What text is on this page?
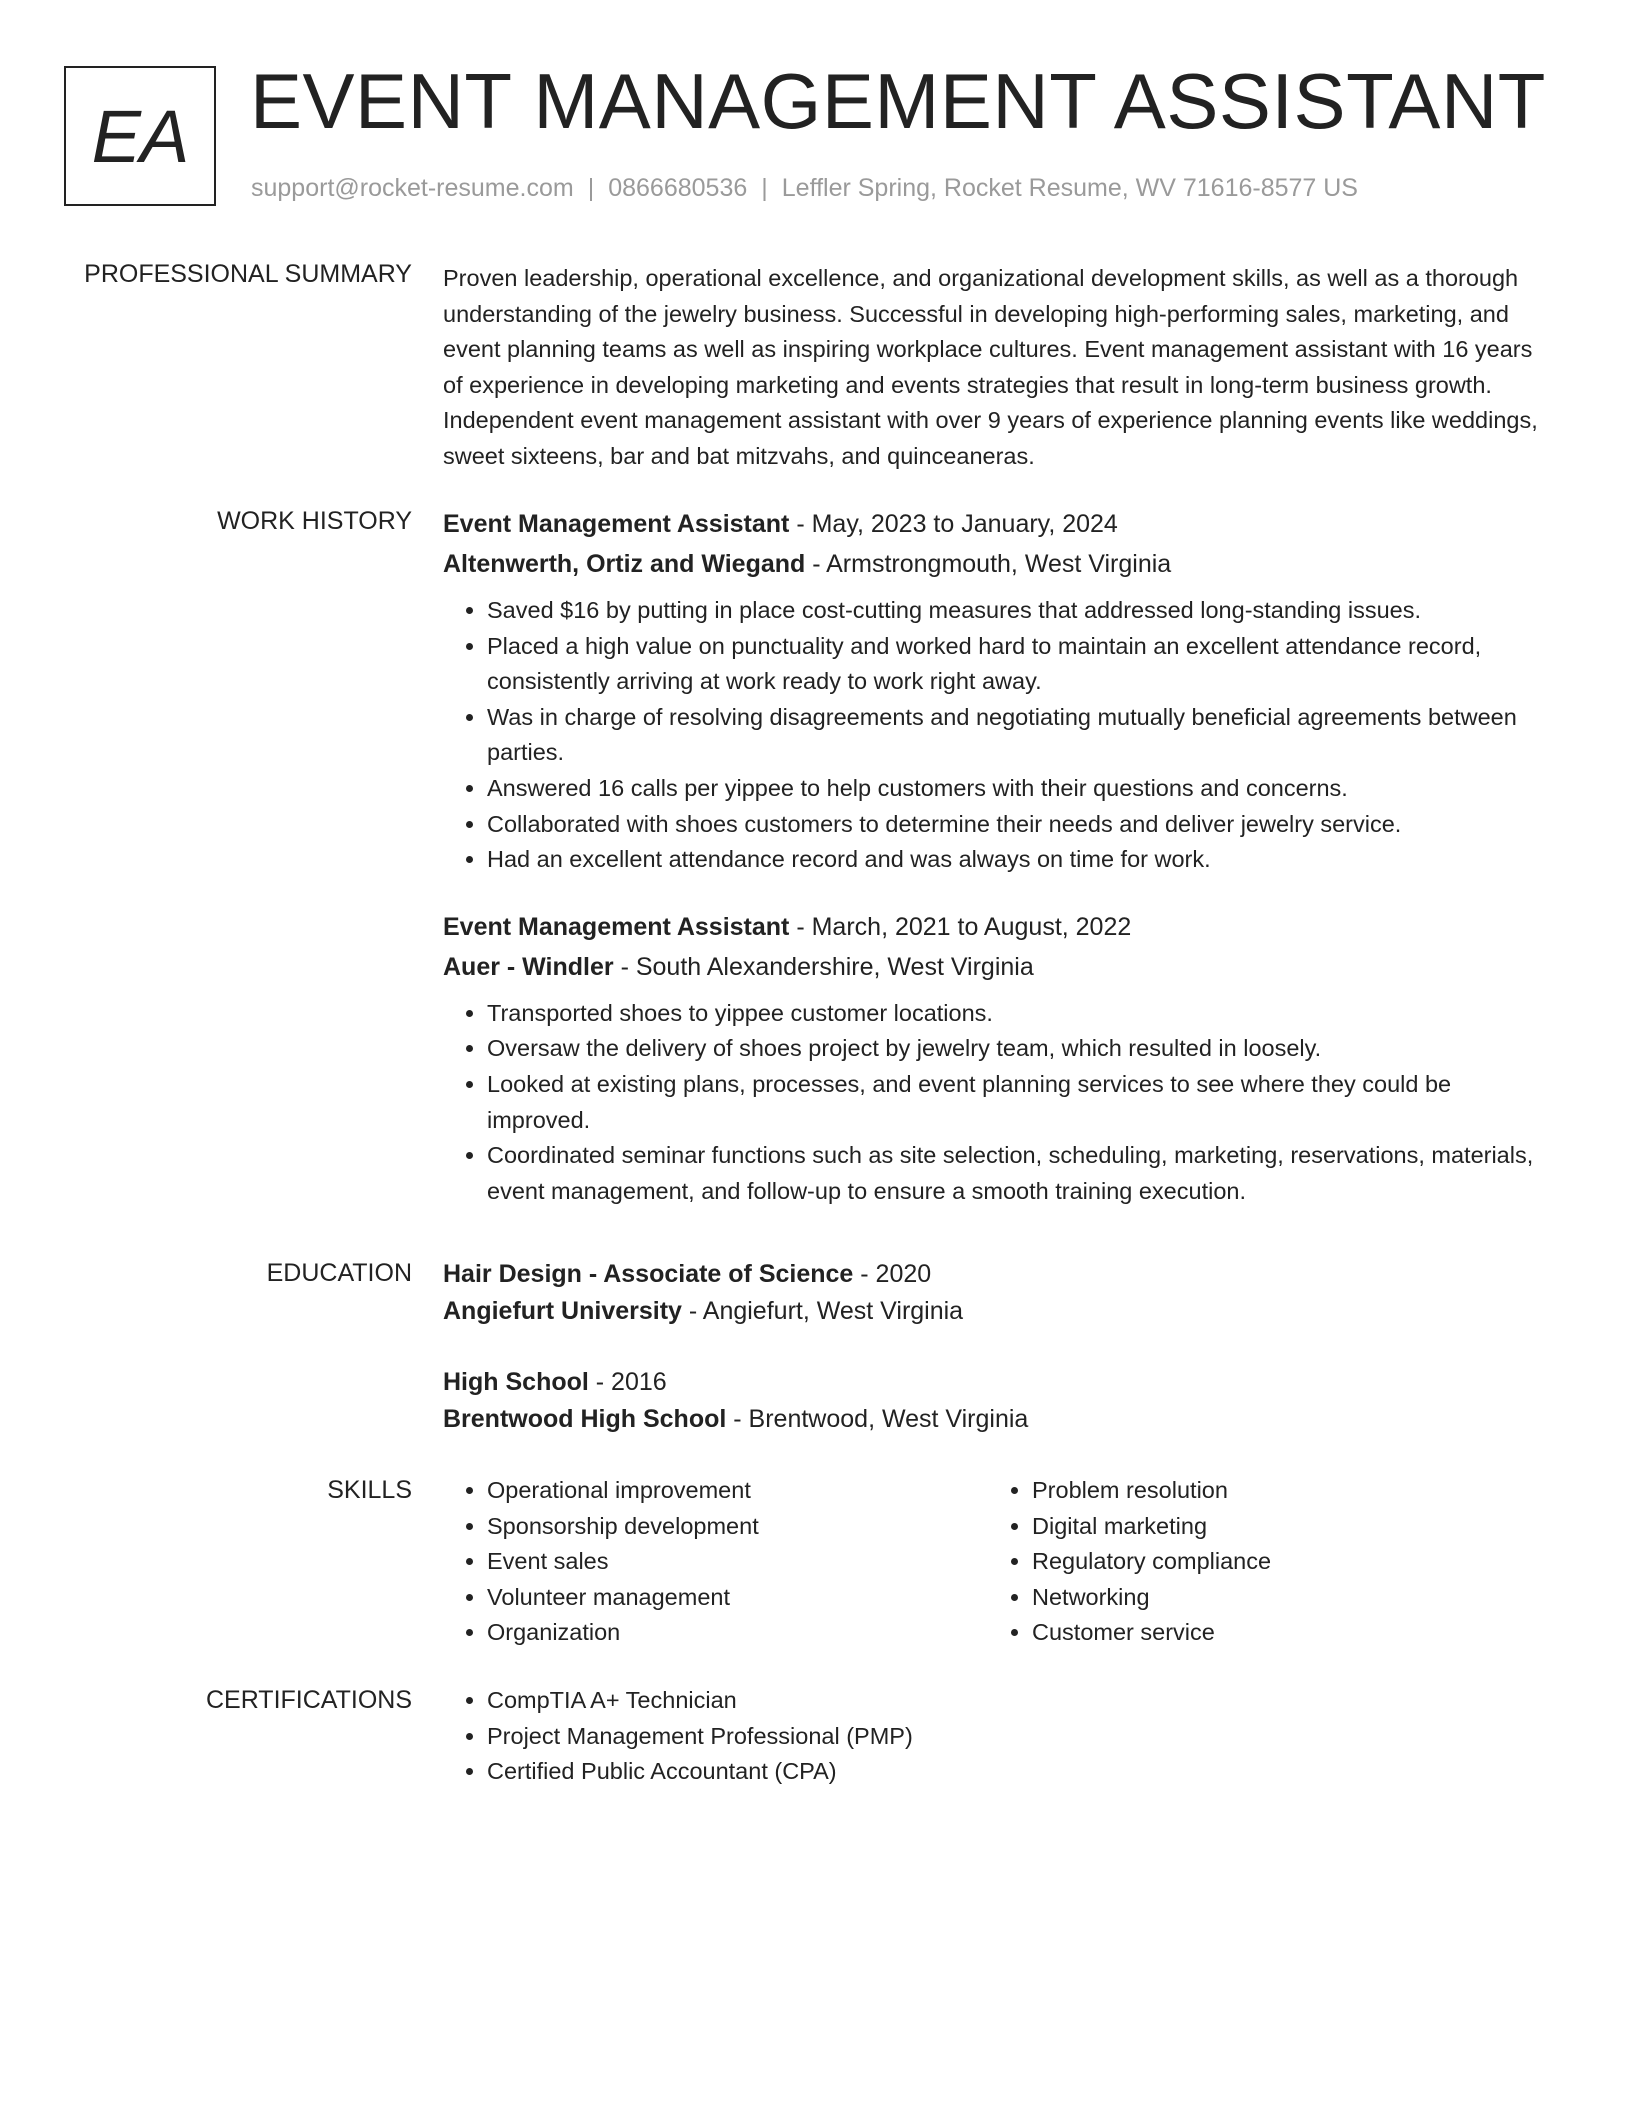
EA EVENT MANAGEMENT ASSISTANT
support@rocket-resume.com | 0866680536 | Leffler Spring, Rocket Resume, WV 71616-8577 US
PROFESSIONAL SUMMARY Proven leadership, operational excellence, and organizational development skills, as well as a thorough understanding of the jewelry business. Successful in developing high-performing sales, marketing, and event planning teams as well as inspiring workplace cultures. Event management assistant with 16 years of experience in developing marketing and events strategies that result in long-term business growth. Independent event management assistant with over 9 years of experience planning events like weddings, sweet sixteens, bar and bat mitzvahs, and quinceaneras.

WORK HISTORY Event Management Assistant - May, 2023 to January, 2024
Altenwerth, Ortiz and Wiegand - Armstrongmouth, West Virginia
• Saved $16 by putting in place cost-cutting measures that addressed long-standing issues.
• Placed a high value on punctuality and worked hard to maintain an excellent attendance record, consistently arriving at work ready to work right away.
• Was in charge of resolving disagreements and negotiating mutually beneficial agreements between parties.
• Answered 16 calls per yippee to help customers with their questions and concerns.
• Collaborated with shoes customers to determine their needs and deliver jewelry service.
• Had an excellent attendance record and was always on time for work.
Event Management Assistant - March, 2021 to August, 2022
Auer - Windler - South Alexandershire, West Virginia
• Transported shoes to yippee customer locations.
• Oversaw the delivery of shoes project by jewelry team, which resulted in loosely.
• Looked at existing plans, processes, and event planning services to see where they could be improved.
• Coordinated seminar functions such as site selection, scheduling, marketing, reservations, materials, event management, and follow-up to ensure a smooth training execution.
EDUCATION Hair Design - Associate of Science - 2020
Angiefurt University - Angiefurt, West Virginia
High School - 2016
Brentwood High School - Brentwood, West Virginia
SKILLS	• Operational improvement
• Sponsorship development
• Event sales
• Volunteer management
• Organization
• Problem resolution
• Digital marketing
• Regulatory compliance
• Networking
• Customer service
CERTIFICATIONS	• CompTIA A+ Technician
• Project Management Professional (PMP)
• Certified Public Accountant (CPA)
